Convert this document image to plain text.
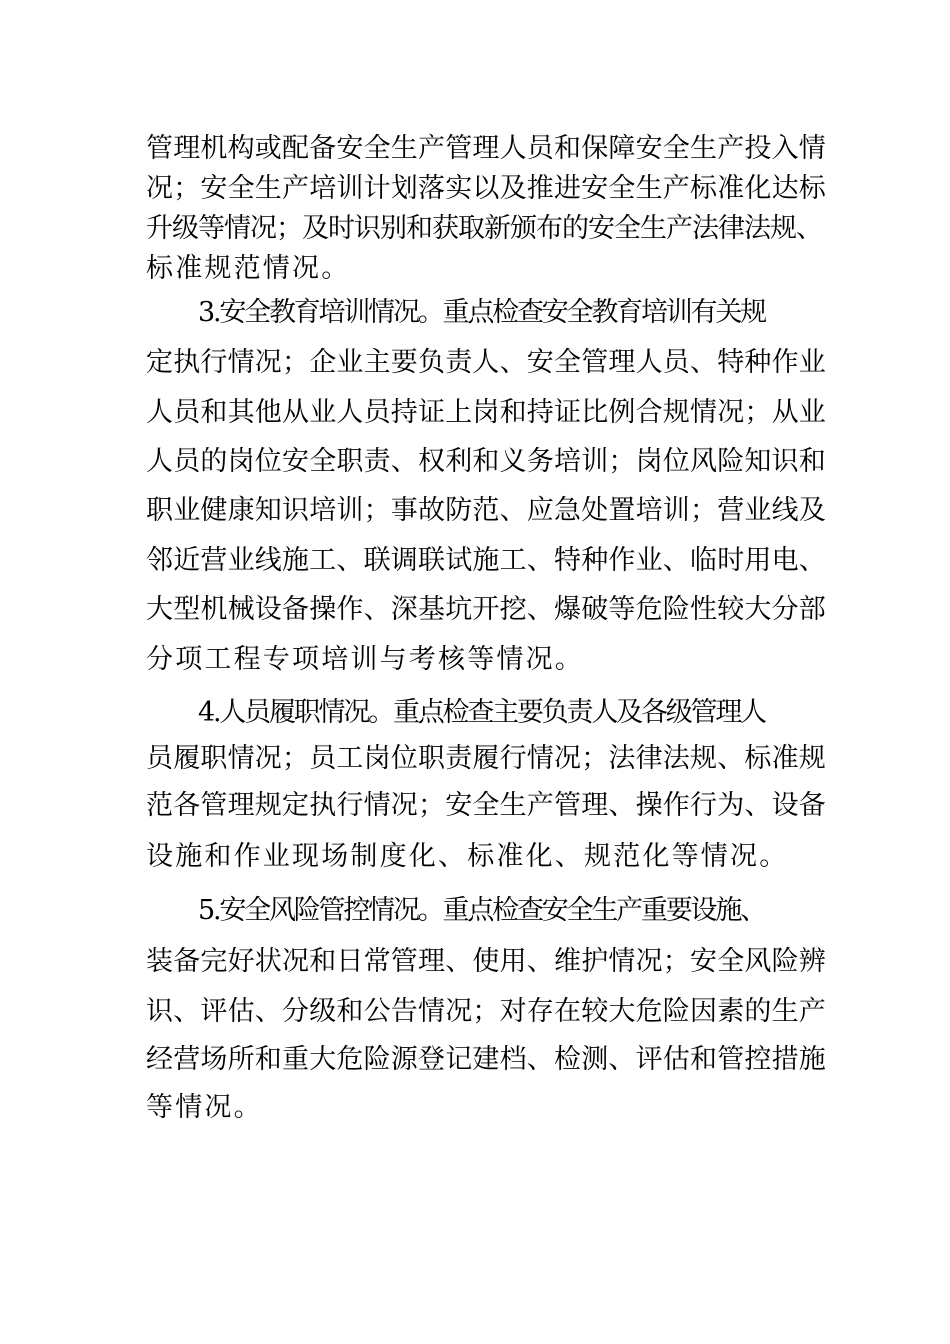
管理机构或配备安全生产管理人员和保障安全生产投入情
况；安全生产培训计划落实以及推进安全生产标准化达标
升级等情况；及时识别和获取新颁布的安全生产法律法规、
标准规范情况。
3.安全教育培训情况。重点检查安全教育培训有关规
定执行情况；企业主要负责人、安全管理人员、特种作业
人员和其他从业人员持证上岗和持证比例合规情况；从业
人员的岗位安全职责、权利和义务培训；岗位风险知识和
职业健康知识培训；事故防范、应急处置培训；营业线及
邻近营业线施工、联调联试施工、特种作业、临时用电、
大型机械设备操作、深基坑开挖、爆破等危险性较大分部
分项工程专项培训与考核等情况。
4.人员履职情况。重点检查主要负责人及各级管理人
员履职情况；员工岗位职责履行情况；法律法规、标准规
范各管理规定执行情况；安全生产管理、操作行为、设备
设施和作业现场制度化、标准化、规范化等情况。
5.安全风险管控情况。重点检查安全生产重要设施、
装备完好状况和日常管理、使用、维护情况；安全风险辨
识、评估、分级和公告情况；对存在较大危险因素的生产
经营场所和重大危险源登记建档、检测、评估和管控措施
等情况。
